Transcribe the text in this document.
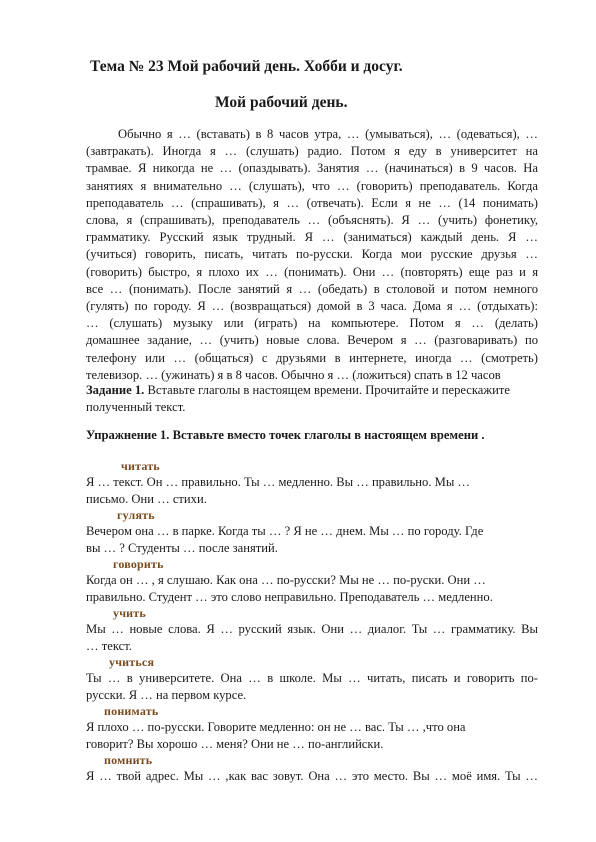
Тема № 23 Мой рабочий день. Хобби и досуг.
Мой рабочий день.

Обычно я … (вставать) в 8 часов утра, … (умываться), … (одеваться), …
(завтракать). Иногда я … (слушать) радио. Потом я еду в университет на
трамвае. Я никогда не … (опаздывать). Занятия … (начинаться) в 9 часов. На
занятиях я внимательно … (слушать), что … (говорить) преподаватель. Когда
преподаватель … (спрашивать), я … (отвечать). Если я не … (14 понимать)
слова, я (спрашивать), преподаватель … (объяснять). Я … (учить) фонетику,
грамматику. Русский язык трудный. Я … (заниматься) каждый день. Я …
(учиться) говорить, писать, читать по-русски. Когда мои русские друзья …
(говорить) быстро, я плохо их … (понимать). Они … (повторять) еще раз и я
все … (понимать). После занятий я … (обедать) в столовой и потом немного
(гулять) по городу. Я … (возвращаться) домой в 3 часа. Дома я … (отдыхать):
… (слушать) музыку или (играть) на компьютере. Потом я … (делать)
домашнее задание, … (учить) новые слова. Вечером я … (разговаривать) по
телефону или … (общаться) с друзьями в интернете, иногда … (смотреть)
телевизор. … (ужинать) я в 8 часов. Обычно я … (ложиться) спать в 12 часов

Задание 1. Вставьте глаголы в настоящем времени. Прочитайте и перескажите полученный текст.

Упражнение 1. Вставьте вместо точек глаголы в настоящем времени .
читать

Я … текст. Он … правильно. Ты … медленно. Вы … правильно. Мы …
письмо. Они … стихи.

гулять

Вечером она … в парке. Когда ты … ? Я не … днем. Мы … по городу. Где
вы … ? Студенты … после занятий.

говорить

Когда он … , я слушаю. Как она … по-русски? Мы не … по-руски. Они …
правильно. Студент … это слово неправильно. Преподаватель … медленно.

учить

Мы … новые слова. Я … русский язык. Они … диалог. Ты … грамматику. Вы
… текст.

учиться

Ты … в университете. Она … в школе. Мы … читать, писать и говорить по-
русски. Я … на первом курсе.

понимать

Я плохо … по-русски. Говорите медленно: он не … вас. Ты … ,что она
говорит? Вы хорошо … меня? Они не … по-английски.

помнить

Я … твой адрес. Мы … ,как вас зовут. Она … это место. Вы … моё имя. Ты …
